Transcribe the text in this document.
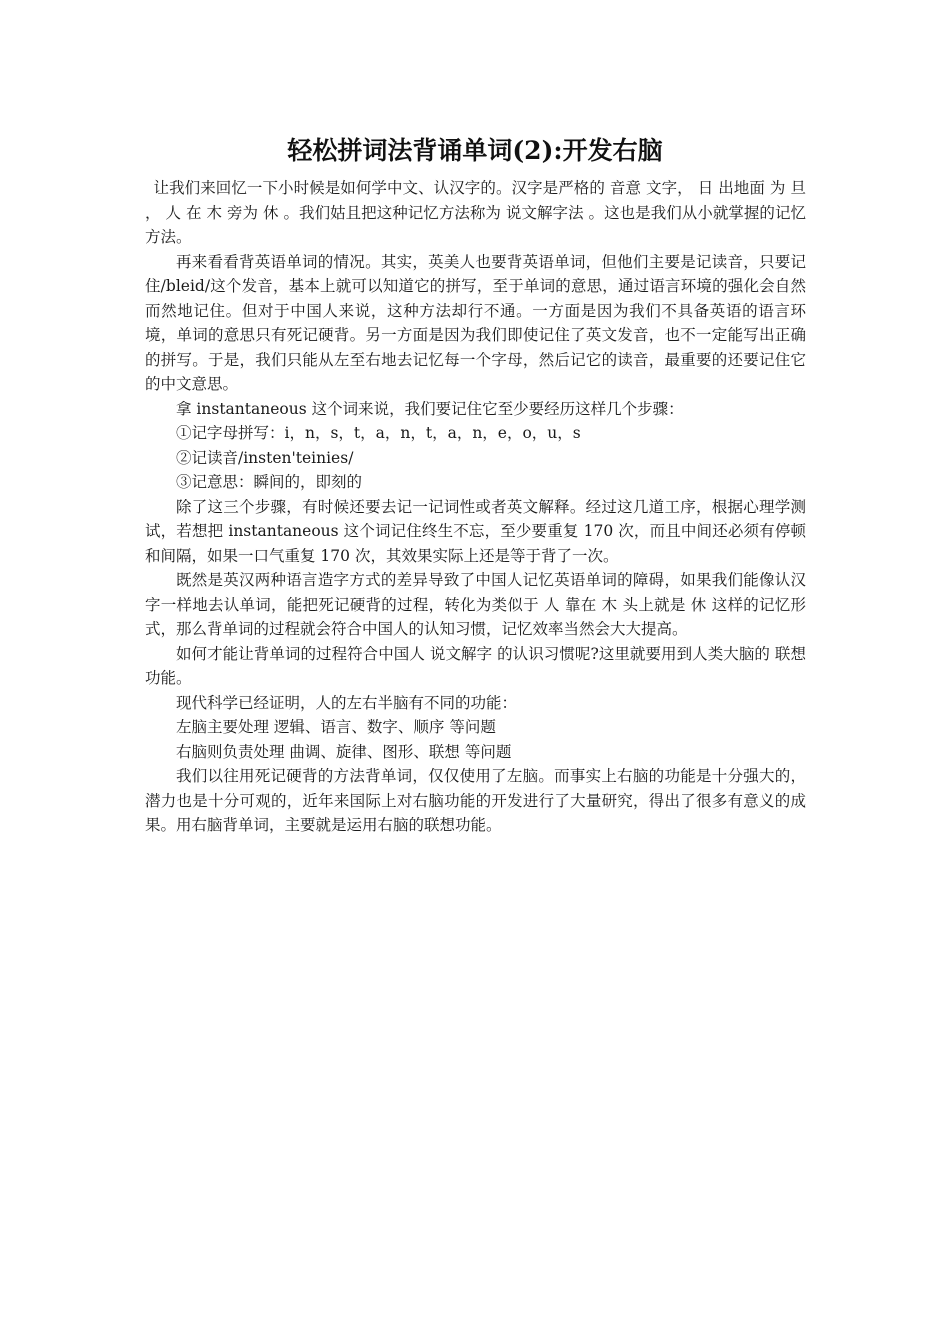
轻松拼词法背诵单词(2):开发右脑

让我们来回忆一下小时候是如何学中文、认汉字的。汉字是严格的 音意 文字， 日 出地面 为 旦 ， 人 在 木 旁为 休 。我们姑且把这种记忆方法称为 说文解字法 。这也是我们从小就掌握的记忆方法。

再来看看背英语单词的情况。其实，英美人也要背英语单词，但他们主要是记读音，只要记住/bleid/这个发音，基本上就可以知道它的拼写，至于单词的意思，通过语言环境的强化会自然而然地记住。但对于中国人来说，这种方法却行不通。一方面是因为我们不具备英语的语言环境，单词的意思只有死记硬背。另一方面是因为我们即使记住了英文发音，也不一定能写出正确的拼写。于是，我们只能从左至右地去记忆每一个字母，然后记它的读音，最重要的还要记住它的中文意思。

拿 instantaneous 这个词来说，我们要记住它至少要经历这样几个步骤：

①记字母拼写：i，n，s，t，a，n，t，a，n，e，o，u，s

②记读音/insten'teinies/

③记意思：瞬间的，即刻的

除了这三个步骤，有时候还要去记一记词性或者英文解释。经过这几道工序，根据心理学测试，若想把 instantaneous 这个词记住终生不忘，至少要重复 170 次，而且中间还必须有停顿和间隔，如果一口气重复 170 次，其效果实际上还是等于背了一次。

既然是英汉两种语言造字方式的差异导致了中国人记忆英语单词的障碍，如果我们能像认汉字一样地去认单词，能把死记硬背的过程，转化为类似于 人 靠在 木 头上就是 休 这样的记忆形式，那么背单词的过程就会符合中国人的认知习惯，记忆效率当然会大大提高。

如何才能让背单词的过程符合中国人 说文解字 的认识习惯呢?这里就要用到人类大脑的 联想 功能。

现代科学已经证明，人的左右半脑有不同的功能：

左脑主要处理 逻辑、语言、数字、顺序 等问题

右脑则负责处理 曲调、旋律、图形、联想 等问题

我们以往用死记硬背的方法背单词，仅仅使用了左脑。而事实上右脑的功能是十分强大的，潜力也是十分可观的，近年来国际上对右脑功能的开发进行了大量研究，得出了很多有意义的成果。用右脑背单词，主要就是运用右脑的联想功能。
